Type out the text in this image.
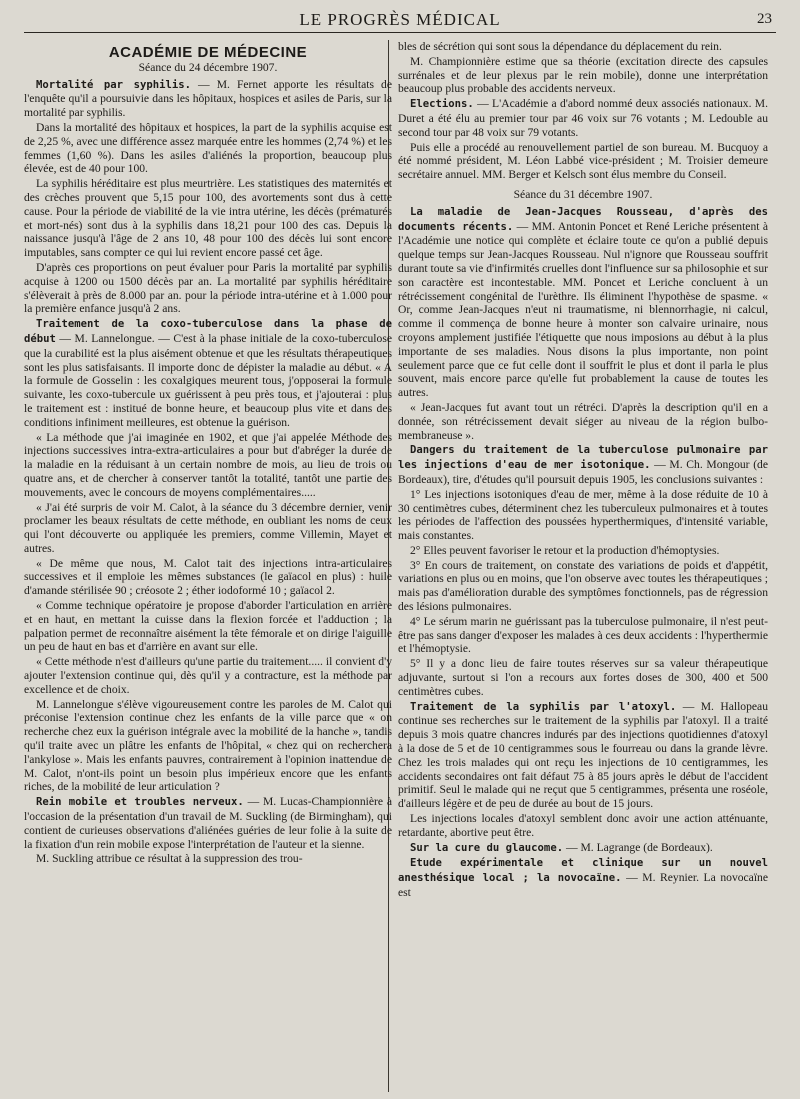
LE PROGRÈS MÉDICAL	23
ACADÉMIE DE MÉDECINE
Séance du 24 décembre 1907.

Mortalité par syphilis. — M. Fernet apporte les résultats de l'enquête qu'il a poursuivie dans les hôpitaux, hospices et asiles de Paris, sur la mortalité par syphilis.

Dans la mortalité des hôpitaux et hospices, la part de la syphilis acquise est de 2,25 %, avec une différence assez marquée entre les hommes (2,74 %) et les femmes (1,60 %). Dans les asiles d'aliénés la proportion, beaucoup plus élevée, est de 40 pour 100.

La syphilis héréditaire est plus meurtrière. Les statistiques des maternités et des crèches prouvent que 5,15 pour 100, des avortements sont dus à cette cause. Pour la période de viabilité de la vie intra utérine, les décès (prématurés et mort-nés) sont dus à la syphilis dans 18,21 pour 100 des cas. Depuis la naissance jusqu'à l'âge de 2 ans 10, 48 pour 100 des décès lui sont encore imputables, sans compter ce qui lui revient encore passé cet âge.

D'après ces proportions on peut évaluer pour Paris la mortalité par syphilis acquise à 1200 ou 1500 décès par an. La mortalité par syphilis héréditaire s'élèverait à près de 8.000 par an. pour la période intra-utérine et à 1.000 pour la première enfance jusqu'à 2 ans.

Traitement de la coxo-tuberculose dans la phase de début — M. Lannelongue. — C'est à la phase initiale de la coxo-tuberculose que la curabilité est la plus aisément obtenue et que les résultats thérapeutiques sont les plus satisfaisants. Il importe donc de dépister la maladie au début. « A la formule de Gosselin : les coxalgiques meurent tous, j'opposerai la formule suivante, les coxo-tubercule ux guérissent à peu près tous, et j'ajouterai : plus le traitement est : institué de bonne heure, et beaucoup plus vite et dans des conditions infiniment meilleures, est obtenue la guérison.

« La méthode que j'ai imaginée en 1902, et que j'ai appelée Méthode des injections successives intra-extra-articulaires a pour but d'abréger la durée de la maladie en la réduisant à un certain nombre de mois, au lieu de trois ou quatre ans, et de chercher à conserver tantôt la totalité, tantôt une partie des mouvements, avec le concours de moyens complémentaires.....

« J'ai été surpris de voir M. Calot, à la séance du 3 décembre dernier, venir proclamer les beaux résultats de cette méthode, en oubliant les noms de ceux qui l'ont découverte ou appliquée les premiers, comme Villemin, Mayet et autres.

« De même que nous, M. Calot tait des injections intra-articulaires successives et il emploie les mêmes substances (le gaïacol en plus) : huile d'amande stérilisée 90 ; créosote 2 ; éther iodoformé 10 ; gaïacol 2.

« Comme technique opératoire je propose d'aborder l'articulation en arrière et en haut, en mettant la cuisse dans la flexion forcée et l'adduction ; la palpation permet de reconnaître aisément la tête fémorale et on dirige l'aiguille un peu de haut en bas et d'arrière en avant sur elle.

« Cette méthode n'est d'ailleurs qu'une partie du traitement..... il convient d'y ajouter l'extension continue qui, dès qu'il y a contracture, est la méthode par excellence et de choix.

M. Lannelongue s'élève vigoureusement contre les paroles de M. Calot qui préconise l'extension continue chez les enfants de la ville parce que « on recherche chez eux la guérison intégrale avec la mobilité de la hanche », tandis qu'il traite avec un plâtre les enfants de l'hôpital, « chez qui on recherchera l'ankylose ». Mais les enfants pauvres, contrairement à l'opinion inattendue de M. Calot, n'ont-ils point un besoin plus impérieux encore que les enfants riches, de la mobilité de leur articulation ?

Rein mobile et troubles nerveux. — M. Lucas-Championnière à l'occasion de la présentation d'un travail de M. Suckling (de Birmingham), qui contient de curieuses observations d'aliénées guéries de leur folie à la suite de la fixation d'un rein mobile expose l'interprétation de l'auteur et la sienne.

M. Suckling attribue ce résultat à la suppression des trou-

bles de sécrétion qui sont sous la dépendance du déplacement du rein.

M. Championnière estime que sa théorie (excitation directe des capsules surrénales et de leur plexus par le rein mobile), donne une interprétation beaucoup plus probable des accidents nerveux.

Elections. — L'Académie a d'abord nommé deux associés nationaux. M. Duret a été élu au premier tour par 46 voix sur 76 votants ; M. Ledouble au second tour par 48 voix sur 79 votants.

Puis elle a procédé au renouvellement partiel de son bureau. M. Bucquoy a été nommé président, M. Léon Labbé vice-président ; M. Troisier demeure secrétaire annuel. MM. Berger et Kelsch sont élus membre du Conseil.

Séance du 31 décembre 1907.

La maladie de Jean-Jacques Rousseau, d'après des documents récents. — MM. Antonin Poncet et René Leriche présentent à l'Académie une notice qui complète et éclaire toute ce qu'on a publié depuis quelque temps sur Jean-Jacques Rousseau. Nul n'ignore que Rousseau souffrit durant toute sa vie d'infirmités cruelles dont l'influence sur sa philosophie et sur son caractère est incontestable. MM. Poncet et Leriche concluent à un rétrécissement congénital de l'urèthre. Ils éliminent l'hypothèse de spasme. « Or, comme Jean-Jacques n'eut ni traumatisme, ni blennorrhagie, ni calcul, comme il commença de bonne heure à monter son calvaire urinaire, nous croyons amplement justifiée l'étiquette que nous imposions au début à la plus importante de ses maladies. Nous disons la plus importante, non point seulement parce que ce fut celle dont il souffrit le plus et dont il parla le plus souvent, mais encore parce qu'elle fut probablement la cause de toutes les autres.

« Jean-Jacques fut avant tout un rétréci. D'après la description qu'il en a donnée, son rétrécissement devait siéger au niveau de la région bulbo-membraneuse ».

Dangers du traitement de la tuberculose pulmonaire par les injections d'eau de mer isotonique. — M. Ch. Mongour (de Bordeaux), tire, d'études qu'il poursuit depuis 1905, les conclusions suivantes :

1° Les injections isotoniques d'eau de mer, même à la dose réduite de 10 à 30 centimètres cubes, déterminent chez les tuberculeux pulmonaires et à toutes les périodes de l'affection des poussées hyperthermiques, d'intensité variable, mais constantes.

2° Elles peuvent favoriser le retour et la production d'hémoptysies.

3° En cours de traitement, on constate des variations de poids et d'appétit, variations en plus ou en moins, que l'on observe avec toutes les thérapeutiques ; mais pas d'amélioration durable des symptômes fonctionnels, pas de régression des lésions pulmonaires.

4° Le sérum marin ne guérissant pas la tuberculose pulmonaire, il n'est peut-être pas sans danger d'exposer les malades à ces deux accidents : l'hyperthermie et l'hémoptysie.

5° Il y a donc lieu de faire toutes réserves sur sa valeur thérapeutique adjuvante, surtout si l'on a recours aux fortes doses de 300, 400 et 500 centimètres cubes.

Traitement de la syphilis par l'atoxyl. — M. Hallopeau continue ses recherches sur le traitement de la syphilis par l'atoxyl. Il a traité depuis 3 mois quatre chancres indurés par des injections quotidiennes d'atoxyl à la dose de 5 et de 10 centigrammes sous le fourreau ou dans la grande lèvre. Chez les trois malades qui ont reçu les injections de 10 centigrammes, les accidents secondaires ont fait défaut 75 à 85 jours après le début de l'accident primitif. Seul le malade qui ne reçut que 5 centigrammes, présenta une roséole, d'ailleurs légère et de peu de durée au bout de 15 jours.

Les injections locales d'atoxyl semblent donc avoir une action atténuante, retardante, abortive peut être.

Sur la cure du glaucome. — M. Lagrange (de Bordeaux).

Etude expérimentale et clinique sur un nouvel anesthésique local ; la novocaïne. — M. Reynier. La novocaïne est
